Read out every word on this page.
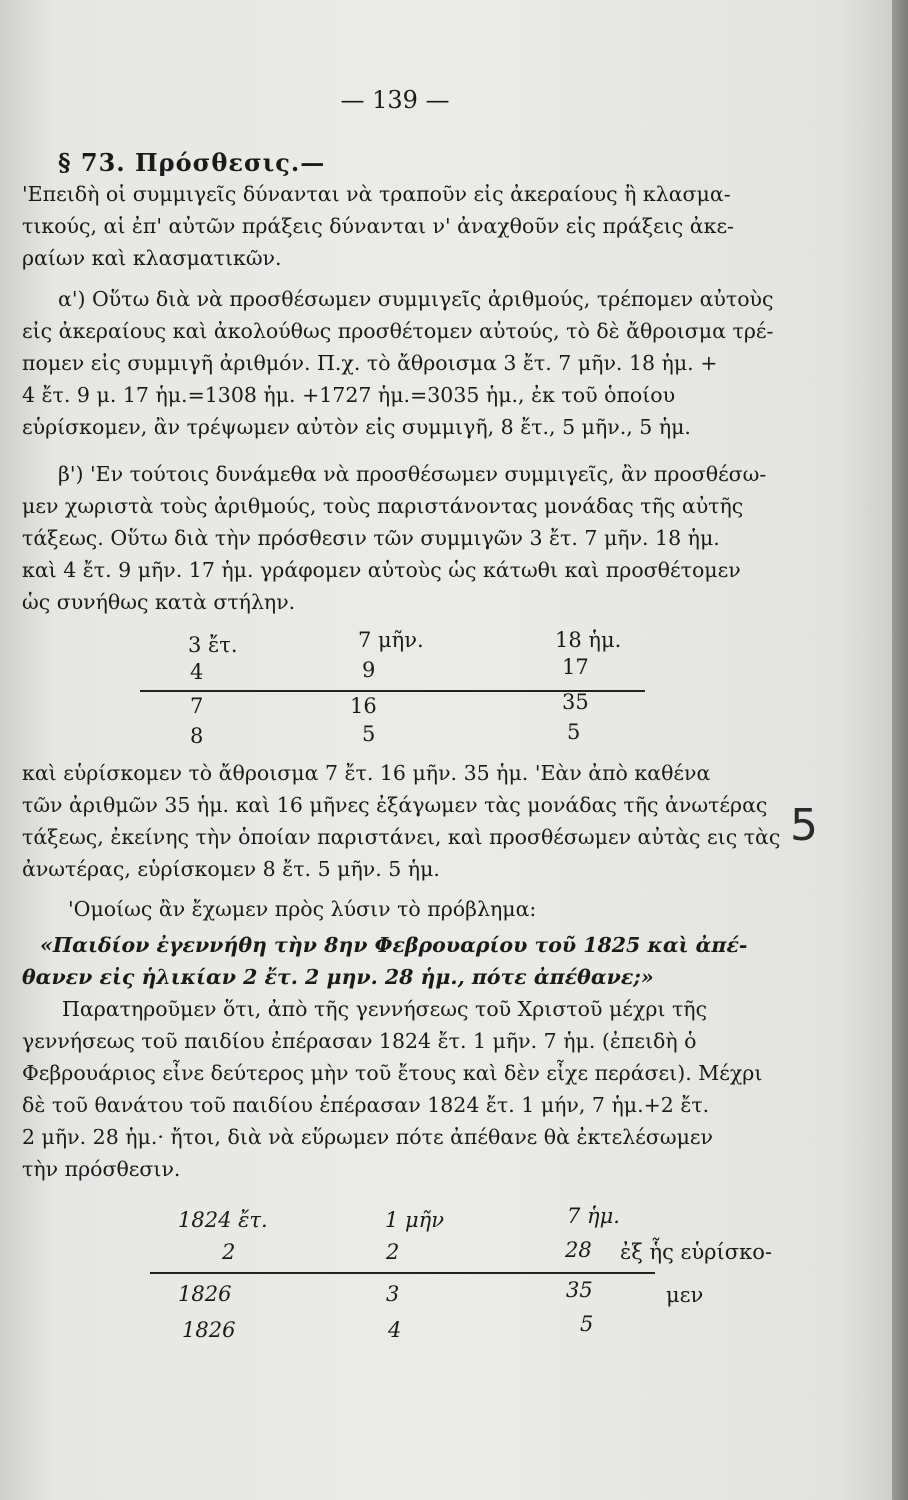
— 139 —
§ 73. Πρόσθεσις.—
'Επειδὴ οἱ συμμιγεῖς δύνανται νὰ τραποῦν εἰς ἀκεραίους ἢ κλασμα-
τικούς, αἱ ἐπ' αὐτῶν πράξεις δύνανται ν' ἀναχθοῦν εἰς πράξεις ἀκε-
ραίων καὶ κλασματικῶν.
α') Οὕτω διὰ νὰ προσθέσωμεν συμμιγεῖς ἀριθμούς, τρέπομεν αὐτοὺς
εἰς ἀκεραίους καὶ ἀκολούθως προσθέτομεν αὐτούς, τὸ δὲ ἄθροισμα τρέ-
πομεν εἰς συμμιγῆ ἀριθμόν. Π.χ. τὸ ἄθροισμα 3 ἔτ. 7 μῆν. 18 ἡμ. +
4 ἔτ. 9 μ. 17 ἡμ.=1308 ἡμ. +1727 ἡμ.=3035 ἡμ., ἐκ τοῦ ὁποίου
εὑρίσκομεν, ἂν τρέψωμεν αὐτὸν εἰς συμμιγῆ, 8 ἔτ., 5 μῆν., 5 ἡμ.
β') 'Εν τούτοις δυνάμεθα νὰ προσθέσωμεν συμμιγεῖς, ἂν προσθέσω-
μεν χωριστὰ τοὺς ἀριθμούς, τοὺς παριστάνοντας μονάδας τῆς αὐτῆς
τάξεως. Οὕτω διὰ τὴν πρόσθεσιν τῶν συμμιγῶν 3 ἔτ. 7 μῆν. 18 ἡμ.
καὶ 4 ἔτ. 9 μῆν. 17 ἡμ. γράφομεν αὐτοὺς ὡς κάτωθι καὶ προσθέτομεν
ὡς συνήθως κατὰ στήλην.
3 ἔτ.	7 μῆν.	18 ἡμ.
4	9	17
7	16	35
8	5	5
καὶ εὑρίσκομεν τὸ ἄθροισμα 7 ἔτ. 16 μῆν. 35 ἡμ. 'Εὰν ἀπὸ καθένα
τῶν ἀριθμῶν 35 ἡμ. καὶ 16 μῆνες ἐξάγωμεν τὰς μονάδας τῆς ἀνωτέρας
τάξεως, ἐκείνης τὴν ὁποίαν παριστάνει, καὶ προσθέσωμεν αὐτὰς εις τὰς
ἀνωτέρας, εὑρίσκομεν 8 ἔτ. 5 μῆν. 5 ἡμ.
5
'Ομοίως ἂν ἔχωμεν πρὸς λύσιν τὸ πρόβλημα:
«Παιδίον ἐγεννήθη τὴν 8ην Φεβρουαρίου τοῦ 1825 καὶ ἀπέ-
θανεν εἰς ἡλικίαν 2 ἔτ. 2 μην. 28 ἡμ., πότε ἀπέθανε;»
Παρατηροῦμεν ὅτι, ἀπὸ τῆς γεννήσεως τοῦ Χριστοῦ μέχρι τῆς
γεννήσεως τοῦ παιδίου ἐπέρασαν 1824 ἔτ. 1 μῆν. 7 ἡμ. (ἐπειδὴ ὁ
Φεβρουάριος εἶνε δεύτερος μὴν τοῦ ἔτους καὶ δὲν εἶχε περάσει). Μέχρι
δὲ τοῦ θανάτου τοῦ παιδίου ἐπέρασαν 1824 ἔτ. 1 μήν, 7 ἡμ.+2 ἔτ.
2 μῆν. 28 ἡμ.· ἤτοι, διὰ νὰ εὕρωμεν πότε ἀπέθανε θὰ ἐκτελέσωμεν
τὴν πρόσθεσιν.
1824 ἔτ.	1 μῆν	7 ἡμ.
2	2	28 ἐξ ἧς εὑρίσκο-
1826	3	35	μεν
1826	4	5
